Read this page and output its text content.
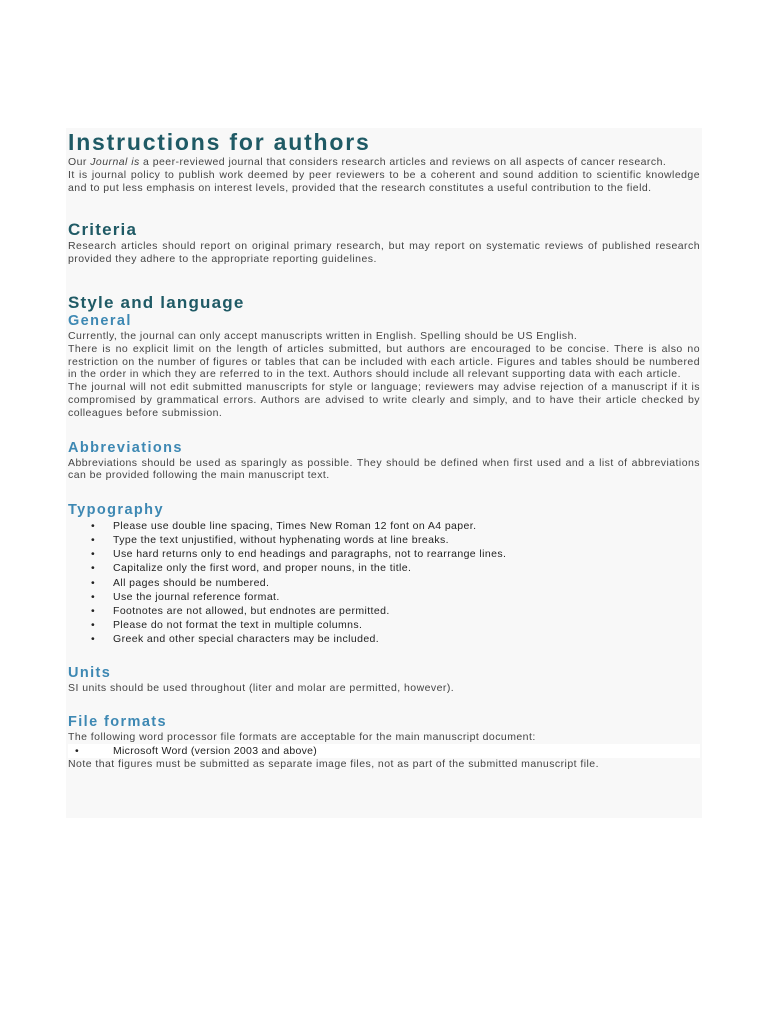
Instructions for authors

Our Journal is a peer-reviewed journal that considers research articles and reviews on all aspects of cancer research.

It is journal policy to publish work deemed by peer reviewers to be a coherent and sound addition to scientific knowledge and to put less emphasis on interest levels, provided that the research constitutes a useful contribution to the field.

Criteria

Research articles should report on original primary research, but may report on systematic reviews of published research provided they adhere to the appropriate reporting guidelines.

Style and language
General

Currently, the journal can only accept manuscripts written in English. Spelling should be US English.

There is no explicit limit on the length of articles submitted, but authors are encouraged to be concise. There is also no restriction on the number of figures or tables that can be included with each article. Figures and tables should be numbered in the order in which they are referred to in the text. Authors should include all relevant supporting data with each article.

The journal will not edit submitted manuscripts for style or language; reviewers may advise rejection of a manuscript if it is compromised by grammatical errors. Authors are advised to write clearly and simply, and to have their article checked by colleagues before submission.

Abbreviations

Abbreviations should be used as sparingly as possible. They should be defined when first used and a list of abbreviations can be provided following the main manuscript text.

Typography
• Please use double line spacing, Times New Roman 12 font on A4 paper.
• Type the text unjustified, without hyphenating words at line breaks.
• Use hard returns only to end headings and paragraphs, not to rearrange lines.
• Capitalize only the first word, and proper nouns, in the title.
• All pages should be numbered.
• Use the journal reference format.
• Footnotes are not allowed, but endnotes are permitted.
• Please do not format the text in multiple columns.
• Greek and other special characters may be included.
Units

SI units should be used throughout (liter and molar are permitted, however).

File formats

The following word processor file formats are acceptable for the main manuscript document:

•	Microsoft Word (version 2003 and above)

Note that figures must be submitted as separate image files, not as part of the submitted manuscript file.
